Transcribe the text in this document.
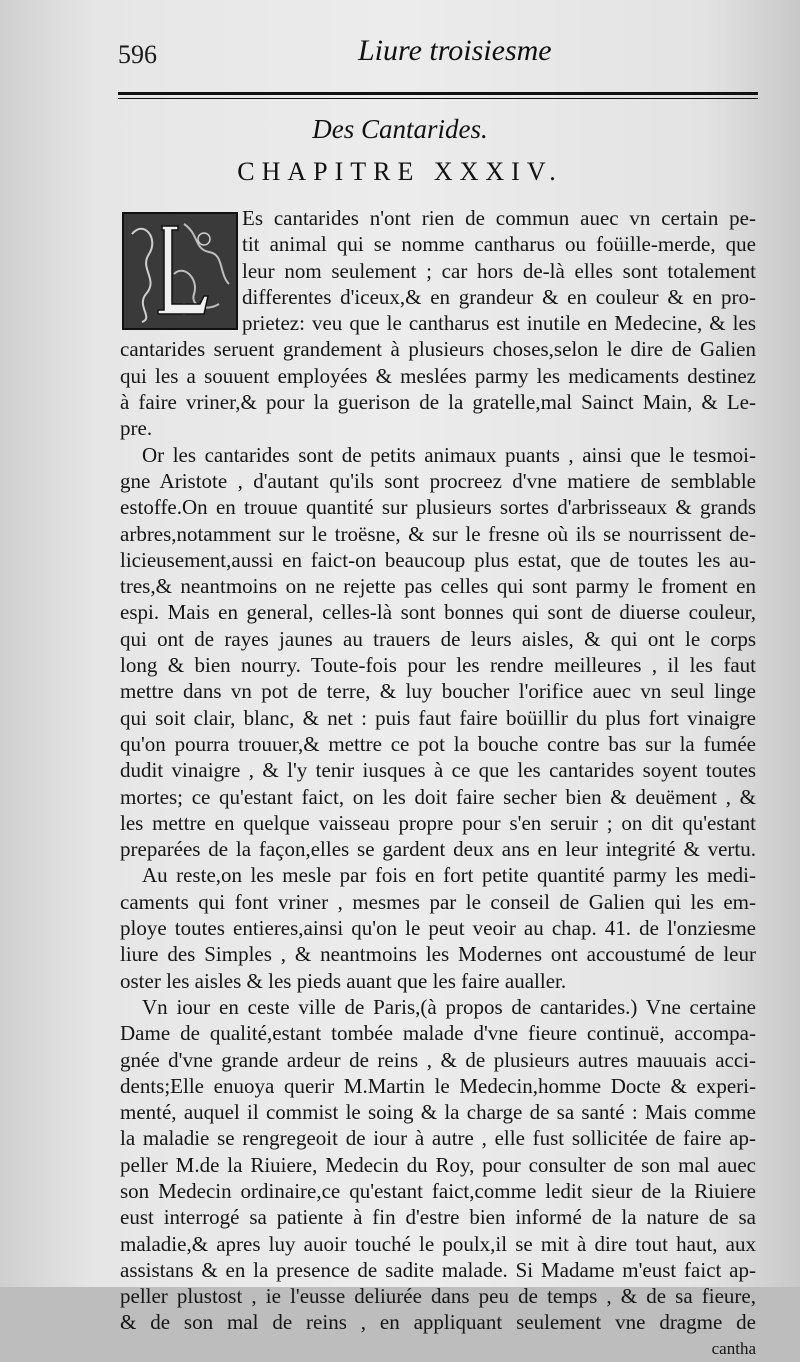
596	Liure troisiesme
Des Cantarides.
CHAPITRE XXXIV.
Es cantarides n'ont rien de commun auec vn certain pe-
tit animal qui se nomme cantharus ou foüille-merde, que
leur nom seulement ; car hors de-là elles sont totalement
differentes d'iceux,& en grandeur & en couleur & en pro-
prietez: veu que le cantharus est inutile en Medecine, & les
cantarides seruent grandement à plusieurs choses,selon le dire de Galien
qui les a souuent employées & meslées parmy les medicaments destinez
à faire vriner,& pour la guerison de la gratelle,mal Sainct Main, & Le-
pre.
Or les cantarides sont de petits animaux puants , ainsi que le tesmoi-
gne Aristote , d'autant qu'ils sont procreez d'vne matiere de semblable
estoffe.On en trouue quantité sur plusieurs sortes d'arbrisseaux & grands
arbres,notamment sur le troësne, & sur le fresne où ils se nourrissent de-
licieusement,aussi en faict-on beaucoup plus estat, que de toutes les au-
tres,& neantmoins on ne rejette pas celles qui sont parmy le froment en
espi. Mais en general, celles-là sont bonnes qui sont de diuerse couleur,
qui ont de rayes jaunes au trauers de leurs aisles, & qui ont le corps
long & bien nourry. Toute-fois pour les rendre meilleures , il les faut
mettre dans vn pot de terre, & luy boucher l'orifice auec vn seul linge
qui soit clair, blanc, & net : puis faut faire boüillir du plus fort vinaigre
qu'on pourra trouuer,& mettre ce pot la bouche contre bas sur la fumée
dudit vinaigre , & l'y tenir iusques à ce que les cantarides soyent toutes
mortes; ce qu'estant faict, on les doit faire secher bien & deuëment , &
les mettre en quelque vaisseau propre pour s'en seruir ; on dit qu'estant
preparées de la façon,elles se gardent deux ans en leur integrité & vertu.
Au reste,on les mesle par fois en fort petite quantité parmy les medi-
caments qui font vriner , mesmes par le conseil de Galien qui les em-
ploye toutes entieres,ainsi qu'on le peut veoir au chap. 41. de l'onziesme
liure des Simples , & neantmoins les Modernes ont accoustumé de leur
oster les aisles & les pieds auant que les faire aualler.
Vn iour en ceste ville de Paris,(à propos de cantarides.) Vne certaine
Dame de qualité,estant tombée malade d'vne fieure continuë, accompa-
gnée d'vne grande ardeur de reins , & de plusieurs autres mauuais acci-
dents;Elle enuoya querir M.Martin le Medecin,homme Docte & experi-
menté, auquel il commist le soing & la charge de sa santé : Mais comme
la maladie se rengregeoit de iour à autre , elle fust sollicitée de faire ap-
peller M.de la Riuiere, Medecin du Roy, pour consulter de son mal auec
son Medecin ordinaire,ce qu'estant faict,comme ledit sieur de la Riuiere
eust interrogé sa patiente à fin d'estre bien informé de la nature de sa
maladie,& apres luy auoir touché le poulx,il se mit à dire tout haut, aux
assistans & en la presence de sadite malade. Si Madame m'eust faict ap-
peller plustost , ie l'eusse deliurée dans peu de temps , & de sa fieure,
& de son mal de reins , en appliquant seulement vne dragme de
cantha
